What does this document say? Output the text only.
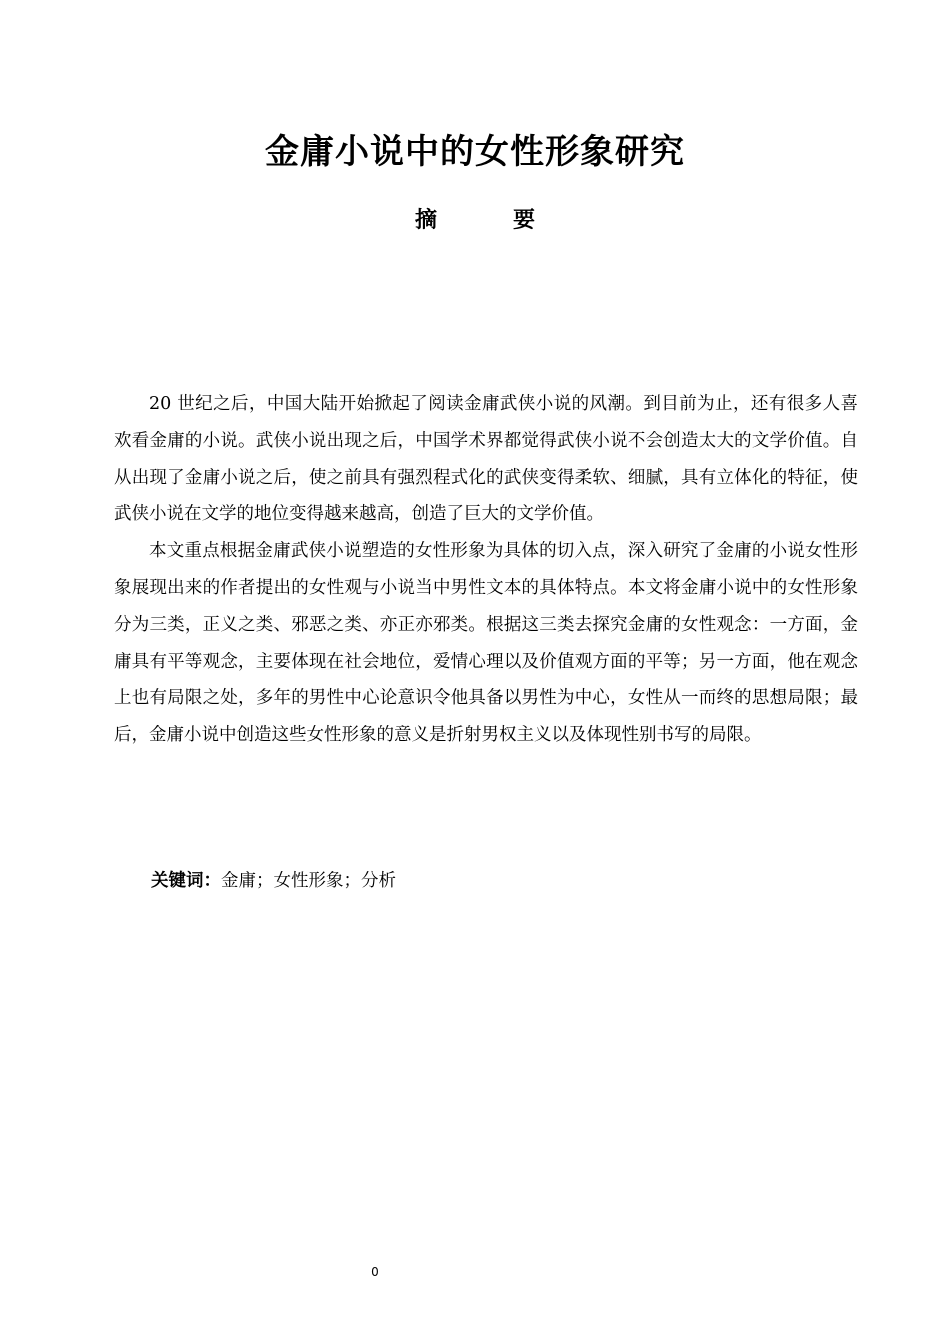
金庸小说中的女性形象研究
摘	要

20 世纪之后，中国大陆开始掀起了阅读金庸武侠小说的风潮。到目前为止，还有很多人喜欢看金庸的小说。武侠小说出现之后，中国学术界都觉得武侠小说不会创造太大的文学价值。自从出现了金庸小说之后，使之前具有强烈程式化的武侠变得柔软、细腻，具有立体化的特征，使武侠小说在文学的地位变得越来越高，创造了巨大的文学价值。

本文重点根据金庸武侠小说塑造的女性形象为具体的切入点，深入研究了金庸的小说女性形象展现出来的作者提出的女性观与小说当中男性文本的具体特点。本文将金庸小说中的女性形象分为三类，正义之类、邪恶之类、亦正亦邪类。根据这三类去探究金庸的女性观念：一方面，金庸具有平等观念，主要体现在社会地位，爱情心理以及价值观方面的平等；另一方面，他在观念上也有局限之处，多年的男性中心论意识令他具备以男性为中心，女性从一而终的思想局限；最后，金庸小说中创造这些女性形象的意义是折射男权主义以及体现性别书写的局限。

关键词：金庸；女性形象；分析
0
